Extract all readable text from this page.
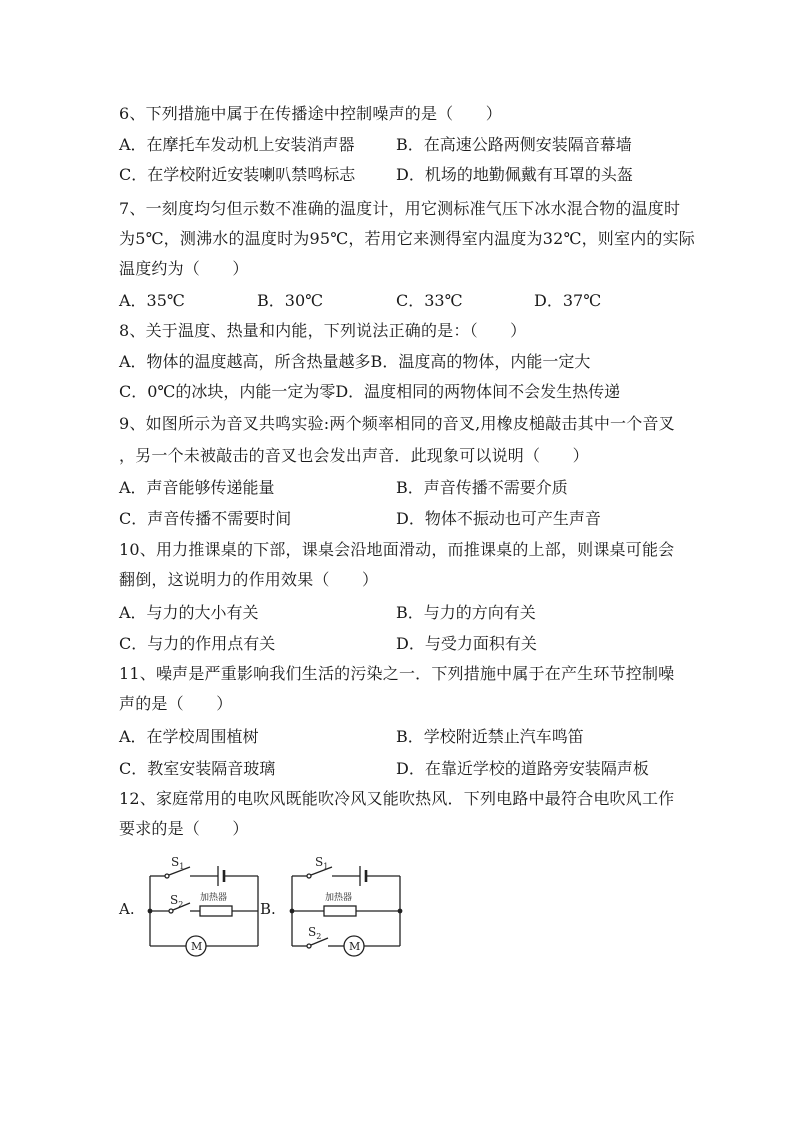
6、下列措施中属于在传播途中控制噪声的是（　　）
A．在摩托车发动机上安装消声器	B．在高速公路两侧安装隔音幕墙
C．在学校附近安装喇叭禁鸣标志	D．机场的地勤佩戴有耳罩的头盔
7、一刻度均匀但示数不准确的温度计，用它测标准气压下冰水混合物的温度时
为5℃，测沸水的温度时为95℃，若用它来测得室内温度为32℃，则室内的实际
温度约为（　　）
A．35℃	B．30℃	C．33℃	D．37℃
8、关于温度、热量和内能，下列说法正确的是：（　　）
A．物体的温度越高，所含热量越多B．温度高的物体，内能一定大
C．0℃的冰块，内能一定为零D．温度相同的两物体间不会发生热传递
9、如图所示为音叉共鸣实验:两个频率相同的音叉,用橡皮槌敲击其中一个音叉
，另一个未被敲击的音叉也会发出声音．此现象可以说明（　　）
A．声音能够传递能量	B．声音传播不需要介质
C．声音传播不需要时间	D．物体不振动也可产生声音
10、用力推课桌的下部，课桌会沿地面滑动，而推课桌的上部，则课桌可能会
翻倒，这说明力的作用效果（　　）
A．与力的大小有关	B．与力的方向有关
C．与力的作用点有关	D．与受力面积有关
11、噪声是严重影响我们生活的污染之一．下列措施中属于在产生环节控制噪
声的是（　　）
A．在学校周围植树	B．学校附近禁止汽车鸣笛
C．教室安装隔音玻璃	D．在靠近学校的道路旁安装隔声板
12、家庭常用的电吹风既能吹冷风又能吹热风．下列电路中最符合电吹风工作
要求的是（　　）
A.	B.
$S_1$
$S_2$
加热器
M
$S_1$
$S_2$
加热器
M
